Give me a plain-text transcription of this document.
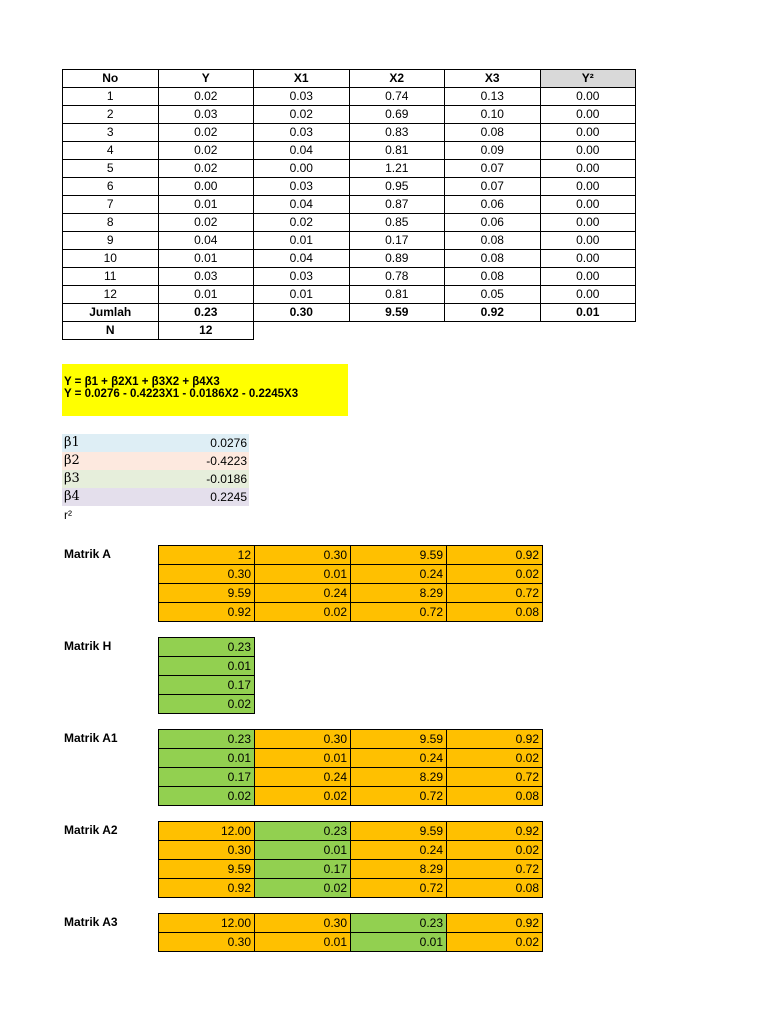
No	Y	X1	X2	X3	Y²
1	0.02	0.03	0.74	0.13	0.00
2	0.03	0.02	0.69	0.10	0.00
3	0.02	0.03	0.83	0.08	0.00
4	0.02	0.04	0.81	0.09	0.00
5	0.02	0.00	1.21	0.07	0.00
6	0.00	0.03	0.95	0.07	0.00
7	0.01	0.04	0.87	0.06	0.00
8	0.02	0.02	0.85	0.06	0.00
9	0.04	0.01	0.17	0.08	0.00
10	0.01	0.04	0.89	0.08	0.00
11	0.03	0.03	0.78	0.08	0.00
12	0.01	0.01	0.81	0.05	0.00
Jumlah	0.23	0.30	9.59	0.92	0.01
N	12				
Y = β1 + β2X1 + β3X2 + β4X3
Y = 0.0276 - 0.4223X1 - 0.0186X2 - 0.2245X3
β1	0.0276
β2	-0.4223
β3	-0.0186
β4	0.2245
r²
Matrik A	12	0.30	9.59	0.92
0.30	0.01	0.24	0.02
9.59	0.24	8.29	0.72
0.92	0.02	0.72	0.08
Matrik H	0.23
0.01
0.17
0.02
Matrik A1	0.23	0.30	9.59	0.92
0.01	0.01	0.24	0.02
0.17	0.24	8.29	0.72
0.02	0.02	0.72	0.08
Matrik A2	12.00	0.23	9.59	0.92
0.30	0.01	0.24	0.02
9.59	0.17	8.29	0.72
0.92	0.02	0.72	0.08
Matrik A3	12.00	0.30	0.23	0.92
0.30	0.01	0.01	0.02
